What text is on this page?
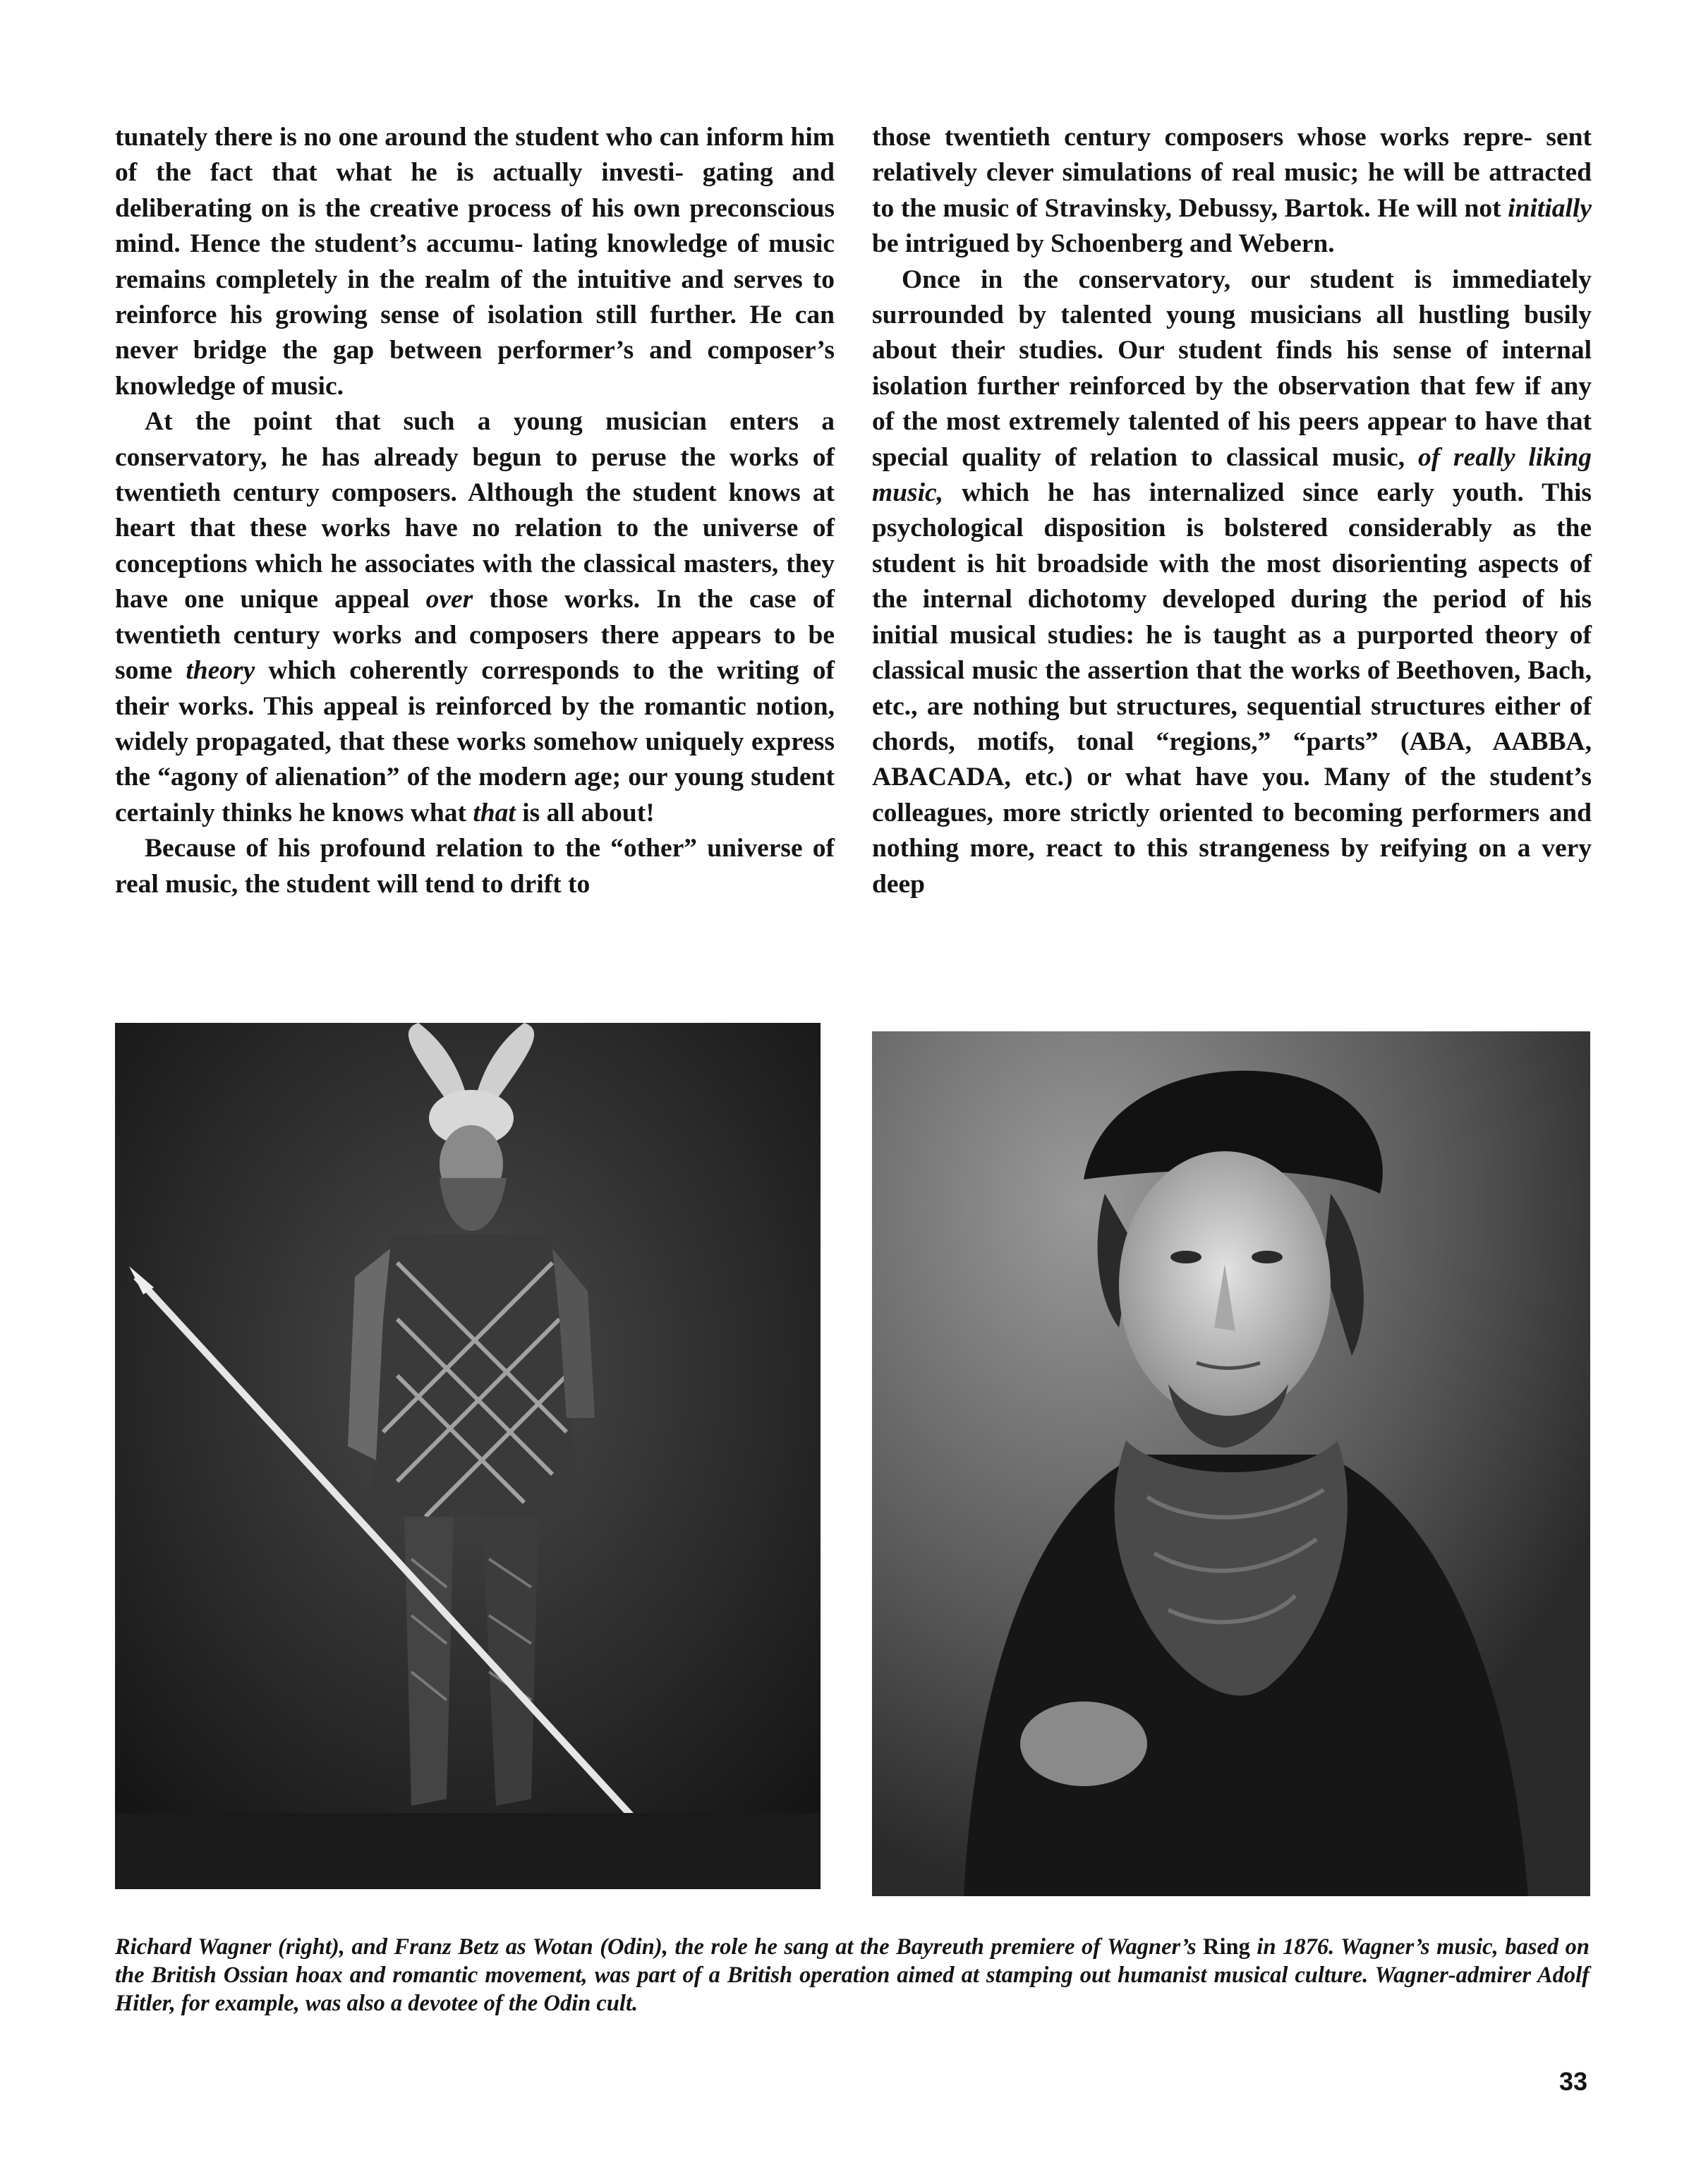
tunately there is no one around the student who can inform him of the fact that what he is actually investi- gating and deliberating on is the creative process of his own preconscious mind. Hence the student’s accumu- lating knowledge of music remains completely in the realm of the intuitive and serves to reinforce his growing sense of isolation still further. He can never bridge the gap between performer’s and composer’s knowledge of music.

At the point that such a young musician enters a conservatory, he has already begun to peruse the works of twentieth century composers. Although the student knows at heart that these works have no relation to the universe of conceptions which he associates with the classical masters, they have one unique appeal over those works. In the case of twentieth century works and composers there appears to be some theory which coherently corresponds to the writing of their works. This appeal is reinforced by the romantic notion, widely propagated, that these works somehow uniquely express the “agony of alienation” of the modern age; our young student certainly thinks he knows what that is all about!

Because of his profound relation to the “other” universe of real music, the student will tend to drift to

those twentieth century composers whose works repre- sent relatively clever simulations of real music; he will be attracted to the music of Stravinsky, Debussy, Bartok. He will not initially be intrigued by Schoenberg and Webern.

Once in the conservatory, our student is immediately surrounded by talented young musicians all hustling busily about their studies. Our student finds his sense of internal isolation further reinforced by the observation that few if any of the most extremely talented of his peers appear to have that special quality of relation to classical music, of really liking music, which he has internalized since early youth. This psychological disposition is bolstered considerably as the student is hit broadside with the most disorienting aspects of the internal dichotomy developed during the period of his initial musical studies: he is taught as a purported theory of classical music the assertion that the works of Beethoven, Bach, etc., are nothing but structures, sequential structures either of chords, motifs, tonal “regions,” “parts” (ABA, AABBA, ABACADA, etc.) or what have you. Many of the student’s colleagues, more strictly oriented to becoming performers and nothing more, react to this strangeness by reifying on a very deep

Richard Wagner (right), and Franz Betz as Wotan (Odin), the role he sang at the Bayreuth premiere of Wagner’s Ring in 1876. Wagner’s music, based on the British Ossian hoax and romantic movement, was part of a British operation aimed at stamping out humanist musical culture. Wagner-admirer Adolf Hitler, for example, was also a devotee of the Odin cult.
33
